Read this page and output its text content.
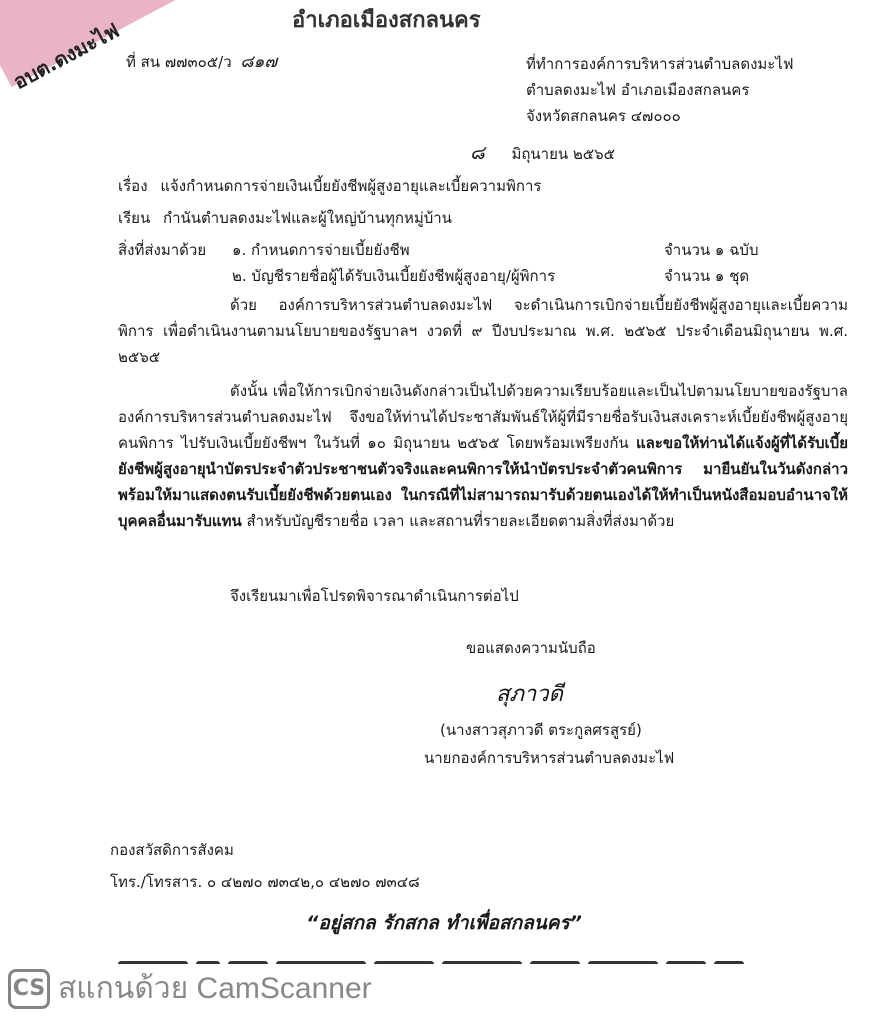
อบต.ดงมะไฟ	อำเภอเมืองสกลนคร
ที่ สน ๗๗๓๐๕/ว ๘๑๗	ที่ทำการองค์การบริหารส่วนตำบลดงมะไฟ
ตำบลดงมะไฟ อำเภอเมืองสกลนคร
จังหวัดสกลนคร ๔๗๐๐๐
๘ มิถุนายน ๒๕๖๕
เรื่อง แจ้งกำหนดการจ่ายเงินเบี้ยยังชีพผู้สูงอายุและเบี้ยความพิการ
เรียน กำนันตำบลดงมะไฟและผู้ใหญ่บ้านทุกหมู่บ้าน
สิ่งที่ส่งมาด้วย ๑. กำหนดการจ่ายเบี้ยยังชีพ	จำนวน ๑ ฉบับ
๒. บัญชีรายชื่อผู้ได้รับเงินเบี้ยยังชีพผู้สูงอายุ/ผู้พิการ	จำนวน ๑ ชุด
ด้วย องค์การบริหารส่วนตำบลดงมะไฟ จะดำเนินการเบิกจ่ายเบี้ยยังชีพผู้สูงอายุและเบี้ยความพิการ เพื่อดำเนินงานตามนโยบายของรัฐบาลฯ งวดที่ ๙ ปีงบประมาณ พ.ศ. ๒๕๖๕ ประจำเดือนมิถุนายน พ.ศ. ๒๕๖๕
ดังนั้น เพื่อให้การเบิกจ่ายเงินดังกล่าวเป็นไปด้วยความเรียบร้อยและเป็นไปตามนโยบายของรัฐบาล องค์การบริหารส่วนตำบลดงมะไฟ จึงขอให้ท่านได้ประชาสัมพันธ์ให้ผู้ที่มีรายชื่อรับเงินสงเคราะห์เบี้ยยังชีพผู้สูงอายุ คนพิการ ไปรับเงินเบี้ยยังชีพฯ ในวันที่ ๑๐ มิถุนายน ๒๕๖๕ โดยพร้อมเพรียงกัน และขอให้ท่านได้แจ้งผู้ที่ได้รับเบี้ยยังชีพผู้สูงอายุนำบัตรประจำตัวประชาชนตัวจริงและคนพิการให้นำบัตรประจำตัวคนพิการ มายืนยันในวันดังกล่าว พร้อมให้มาแสดงตนรับเบี้ยยังชีพด้วยตนเอง ในกรณีที่ไม่สามารถมารับด้วยตนเองได้ให้ทำเป็นหนังสือมอบอำนาจให้บุคคลอื่นมารับแทน สำหรับบัญชีรายชื่อ เวลา และสถานที่รายละเอียดตามสิ่งที่ส่งมาด้วย
จึงเรียนมาเพื่อโปรดพิจารณาดำเนินการต่อไป
ขอแสดงความนับถือ
สุภาวดี
(นางสาวสุภาวดี ตระกูลศรสูรย์)
นายกองค์การบริหารส่วนตำบลดงมะไฟ
กองสวัสดิการสังคม
โทร./โทรสาร. ๐ ๔๒๗๐ ๗๓๔๒,๐ ๔๒๗๐ ๗๓๔๘
“อยู่สกล รักสกล ทำเพื่อสกลนคร”
CS สแกนด้วย CamScanner
